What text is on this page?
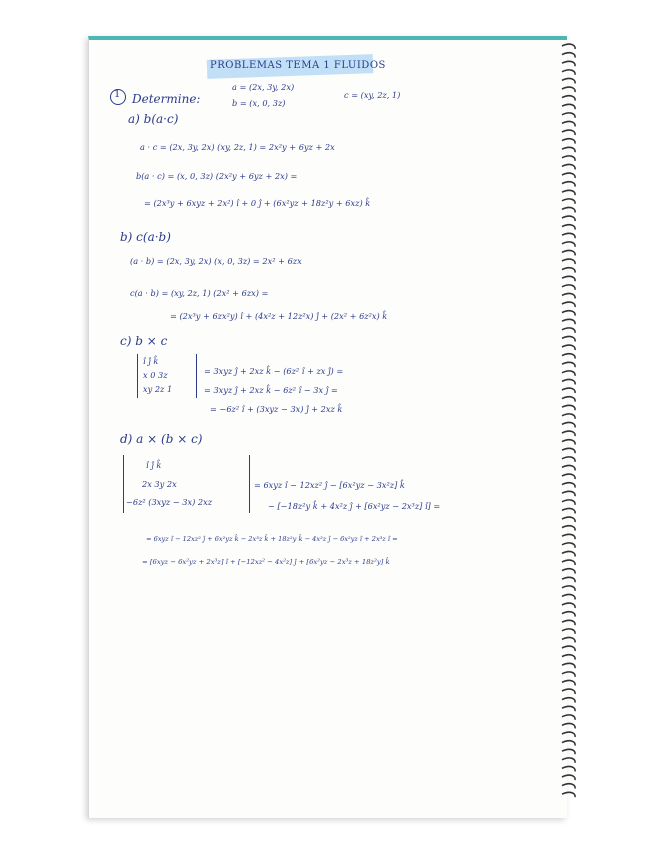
PROBLEMAS TEMA 1 FLUIDOS
1 Determine:
a = (2x, 3y, 2x)
b = (x, 0, 3z)
c = (xy, 2z, 1)
a) b(a·c)
a · c = (2x, 3y, 2x) (xy, 2z, 1) = 2x²y + 6yz + 2x
b(a · c) = (x, 0, 3z) (2x²y + 6yz + 2x) =
= (2x³y + 6xyz + 2x²) î + 0 ĵ + (6x²yz + 18z²y + 6xz) k̂
b) c(a·b)
(a · b) = (2x, 3y, 2x) (x, 0, 3z) = 2x² + 6zx
c(a · b) = (xy, 2z, 1) (2x² + 6zx) =
= (2x³y + 6zx²y) î + (4x²z + 12z²x) ĵ + (2x² + 6z²x) k̂
c) b × c
î ĵ k̂
x 0 3z
xy 2z 1
= 3xyz ĵ + 2xz k̂ − (6z² î + zx ĵ) =
= 3xyz ĵ + 2xz k̂ − 6z² î − 3x ĵ =
= −6z² î + (3xyz − 3x) ĵ + 2xz k̂
d) a × (b × c)
î ĵ k̂
2x 3y 2x
−6z² (3xyz − 3x) 2xz
= 6xyz î − 12xz² ĵ − [6x²yz − 3x²z] k̂
− [−18z²y k̂ + 4x²z ĵ + [6x²yz − 2x³z] î] =
= 6xyz î − 12xz² ĵ + 6x²yz k̂ − 2x³z k̂ + 18z²y k̂ − 4x²z ĵ − 6x²yz î + 2x³z î =
= [6xyz − 6x²yz + 2x³z] î + [−12xz² − 4x²z] ĵ + [6x²yz − 2x³z + 18z²y] k̂
